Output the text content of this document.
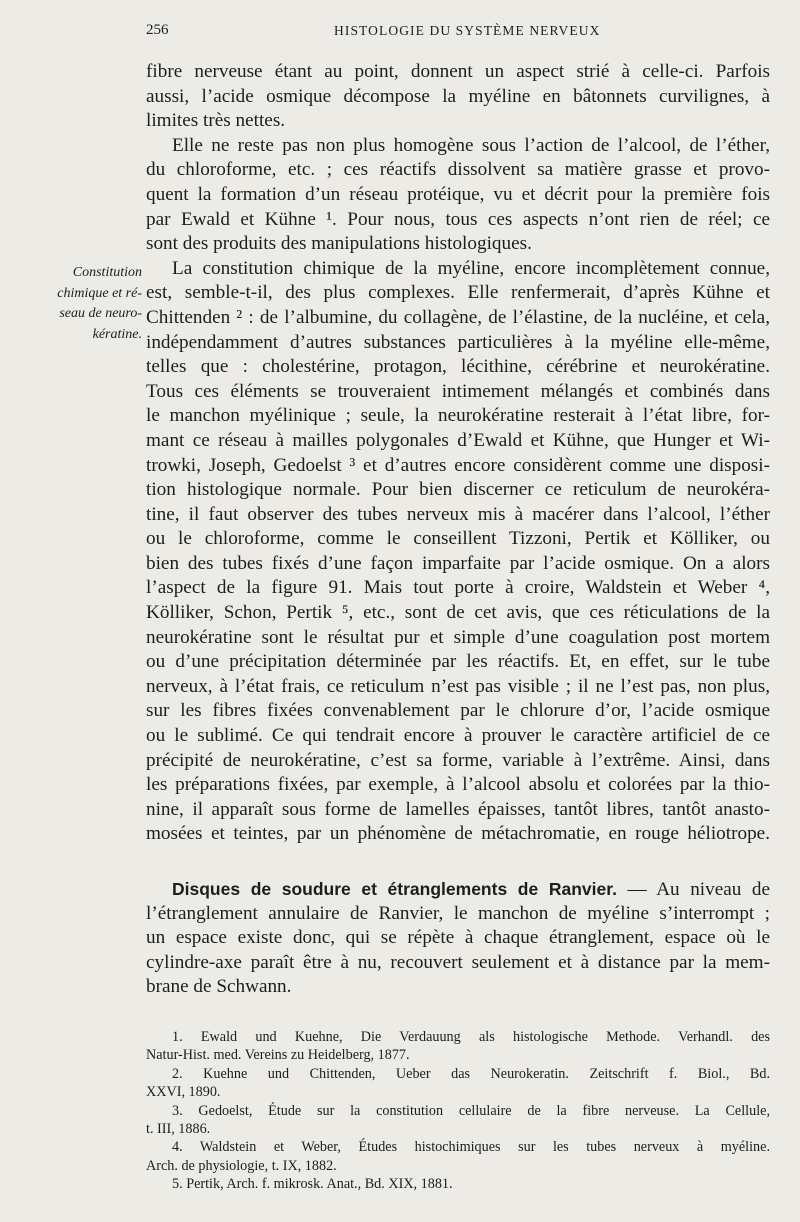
256	HISTOLOGIE DU SYSTÈME NERVEUX
Constitution
chimique et ré-
seau de neuro-
kératine.
fibre nerveuse étant au point, donnent un aspect strié à celle-ci. Parfois
aussi, l’acide osmique décompose la myéline en bâtonnets curvilignes, à
limites très nettes.
Elle ne reste pas non plus homogène sous l’action de l’alcool, de l’éther,
du chloroforme, etc. ; ces réactifs dissolvent sa matière grasse et provo-
quent la formation d’un réseau protéique, vu et décrit pour la première fois
par Ewald et Kühne ¹. Pour nous, tous ces aspects n’ont rien de réel; ce
sont des produits des manipulations histologiques.
La constitution chimique de la myéline, encore incomplètement connue,
est, semble-t-il, des plus complexes. Elle renfermerait, d’après Kühne et
Chittenden ² : de l’albumine, du collagène, de l’élastine, de la nucléine, et cela,
indépendamment d’autres substances particulières à la myéline elle-même,
telles que : cholestérine, protagon, lécithine, cérébrine et neurokératine.
Tous ces éléments se trouveraient intimement mélangés et combinés dans
le manchon myélinique ; seule, la neurokératine resterait à l’état libre, for-
mant ce réseau à mailles polygonales d’Ewald et Kühne, que Hunger et Wi-
trowki, Joseph, Gedoelst ³ et d’autres encore considèrent comme une disposi-
tion histologique normale. Pour bien discerner ce reticulum de neurokéra-
tine, il faut observer des tubes nerveux mis à macérer dans l’alcool, l’éther
ou le chloroforme, comme le conseillent Tizzoni, Pertik et Kölliker, ou
bien des tubes fixés d’une façon imparfaite par l’acide osmique. On a alors
l’aspect de la figure 91. Mais tout porte à croire, Waldstein et Weber ⁴,
Kölliker, Schon, Pertik ⁵, etc., sont de cet avis, que ces réticulations de la
neurokératine sont le résultat pur et simple d’une coagulation post mortem
ou d’une précipitation déterminée par les réactifs. Et, en effet, sur le tube
nerveux, à l’état frais, ce reticulum n’est pas visible ; il ne l’est pas, non plus,
sur les fibres fixées convenablement par le chlorure d’or, l’acide osmique
ou le sublimé. Ce qui tendrait encore à prouver le caractère artificiel de ce
précipité de neurokératine, c’est sa forme, variable à l’extrême. Ainsi, dans
les préparations fixées, par exemple, à l’alcool absolu et colorées par la thio-
nine, il apparaît sous forme de lamelles épaisses, tantôt libres, tantôt anasto-
mosées et teintes, par un phénomène de métachromatie, en rouge héliotrope.
Disques de soudure et étranglements de Ranvier. — Au niveau de
l’étranglement annulaire de Ranvier, le manchon de myéline s’interrompt ;
un espace existe donc, qui se répète à chaque étranglement, espace où le
cylindre-axe paraît être à nu, recouvert seulement et à distance par la mem-
brane de Schwann.
1. Ewald und Kuehne, Die Verdauung als histologische Methode. Verhandl. des
Natur-Hist. med. Vereins zu Heidelberg, 1877.
2. Kuehne und Chittenden, Ueber das Neurokeratin. Zeitschrift f. Biol., Bd.
XXVI, 1890.
3. Gedoelst, Étude sur la constitution cellulaire de la fibre nerveuse. La Cellule,
t. III, 1886.
4. Waldstein et Weber, Études histochimiques sur les tubes nerveux à myéline.
Arch. de physiologie, t. IX, 1882.
5. Pertik, Arch. f. mikrosk. Anat., Bd. XIX, 1881.
